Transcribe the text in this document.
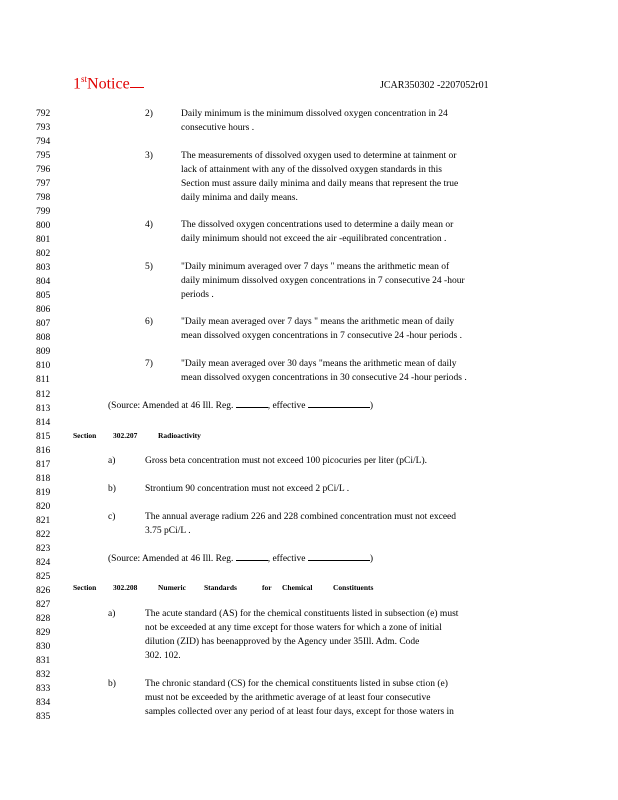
1stNotice	JCAR350302 -2207052r01
792
793
794
795
796
797
798
799
800
801
802
803
804
805
806
807
808
809
810
811
812
813
814
815
816
817
818
819
820
821
822
823
824
825
826
827
828
829
830
831
832
833
834
835
2)	Daily minimum is the minimum dissolved oxygen concentration in 24
consecutive hours .
3)	The measurements of dissolved oxygen used to determine at tainment or
lack of attainment with any of the dissolved oxygen standards in this
Section must assure daily minima and daily means that represent the true
daily minima and daily means.
4)	The dissolved oxygen concentrations used to determine a daily mean or
daily minimum should not exceed the air -equilibrated concentration .
5)	"Daily minimum averaged over 7 days " means the arithmetic mean of
daily minimum dissolved oxygen concentrations in 7 consecutive 24 -hour
periods .
6)	"Daily mean averaged over 7 days " means the arithmetic mean of daily
mean dissolved oxygen concentrations in 7 consecutive 24 -hour periods .
7)	"Daily mean averaged over 30 days "means the arithmetic mean of daily
mean dissolved oxygen concentrations in 30 consecutive 24 -hour periods .
(Source: Amended at 46 Ill. Reg.	, effective	)
Section 302.207	Radioactivity
a)	Gross beta concentration must not exceed 100 picocuries per liter (pCi/L).
b)	Strontium 90 concentration must not exceed 2 pCi/L .
c)	The annual average radium 226 and 228 combined concentration must not exceed
3.75 pCi/L .
(Source: Amended at 46 Ill. Reg.	, effective	)
Section 302.208	Numeric Standards	for Chemical	Constituents
a)	The acute standard (AS) for the chemical constituents listed in subsection (e) must
not be exceeded at any time except for those waters for which a zone of initial
dilution (ZID) has beenapproved by the Agency under 35Ill. Adm. Code
302. 102.
b)	The chronic standard (CS) for the chemical constituents listed in subse ction (e)
must not be exceeded by the arithmetic average of at least four consecutive
samples collected over any period of at least four days, except for those waters in
